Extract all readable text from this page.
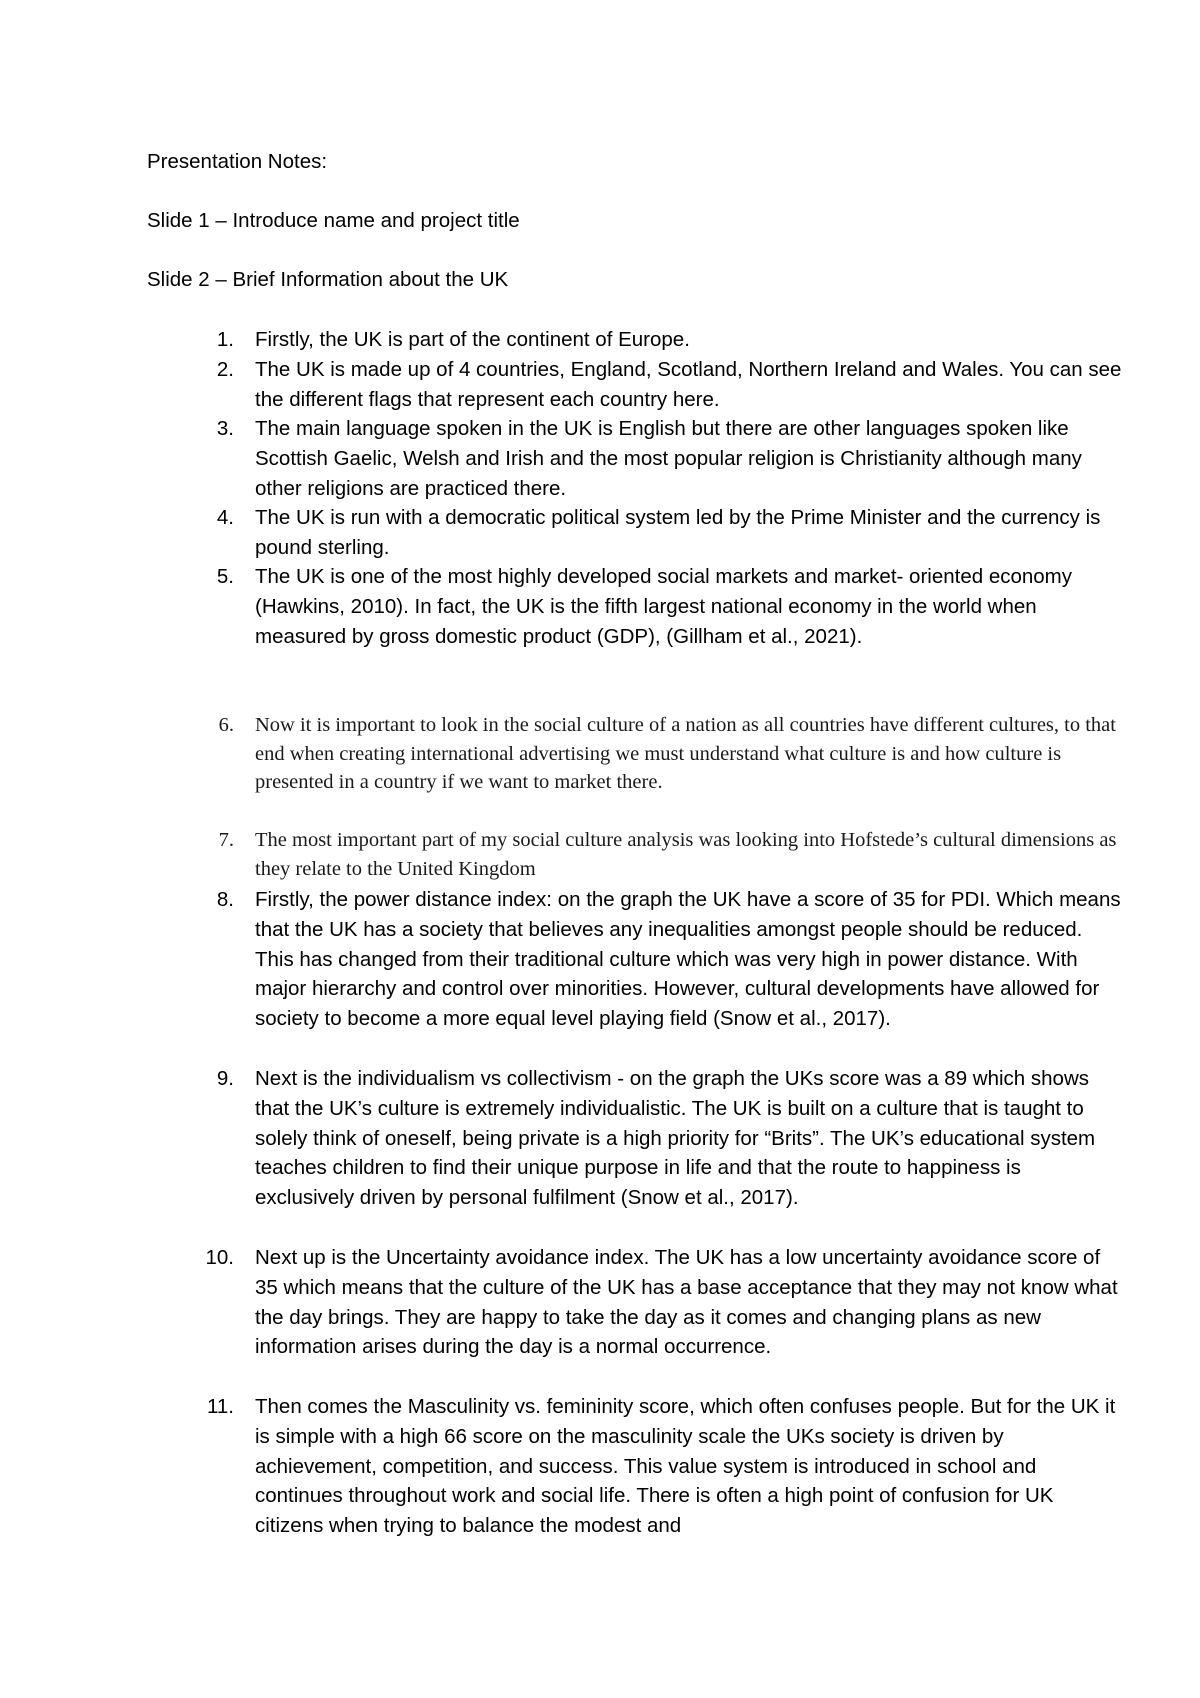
Presentation Notes:

Slide 1 – Introduce name and project title

Slide 2 – Brief Information about the UK

1. Firstly, the UK is part of the continent of Europe.

2. The UK is made up of 4 countries, England, Scotland, Northern Ireland and Wales. You can see the different flags that represent each country here.

3. The main language spoken in the UK is English but there are other languages spoken like Scottish Gaelic, Welsh and Irish and the most popular religion is Christianity although many other religions are practiced there.

4. The UK is run with a democratic political system led by the Prime Minister and the currency is pound sterling.

5. The UK is one of the most highly developed social markets and market- oriented economy (Hawkins, 2010). In fact, the UK is the fifth largest national economy in the world when measured by gross domestic product (GDP), (Gillham et al., 2021).

6. Now it is important to look in the social culture of a nation as all countries have different cultures, to that end when creating international advertising we must understand what culture is and how culture is presented in a country if we want to market there.

7. The most important part of my social culture analysis was looking into Hofstede’s cultural dimensions as they relate to the United Kingdom

8. Firstly, the power distance index: on the graph the UK have a score of 35 for PDI. Which means that the UK has a society that believes any inequalities amongst people should be reduced. This has changed from their traditional culture which was very high in power distance. With major hierarchy and control over minorities. However, cultural developments have allowed for society to become a more equal level playing field (Snow et al., 2017).

9. Next is the individualism vs collectivism - on the graph the UKs score was a 89 which shows that the UK’s culture is extremely individualistic. The UK is built on a culture that is taught to solely think of oneself, being private is a high priority for “Brits”. The UK’s educational system teaches children to find their unique purpose in life and that the route to happiness is exclusively driven by personal fulfilment (Snow et al., 2017).

10. Next up is the Uncertainty avoidance index. The UK has a low uncertainty avoidance score of 35 which means that the culture of the UK has a base acceptance that they may not know what the day brings. They are happy to take the day as it comes and changing plans as new information arises during the day is a normal occurrence.

11. Then comes the Masculinity vs. femininity score, which often confuses people. But for the UK it is simple with a high 66 score on the masculinity scale the UKs society is driven by achievement, competition, and success. This value system is introduced in school and continues throughout work and social life. There is often a high point of confusion for UK citizens when trying to balance the modest and
